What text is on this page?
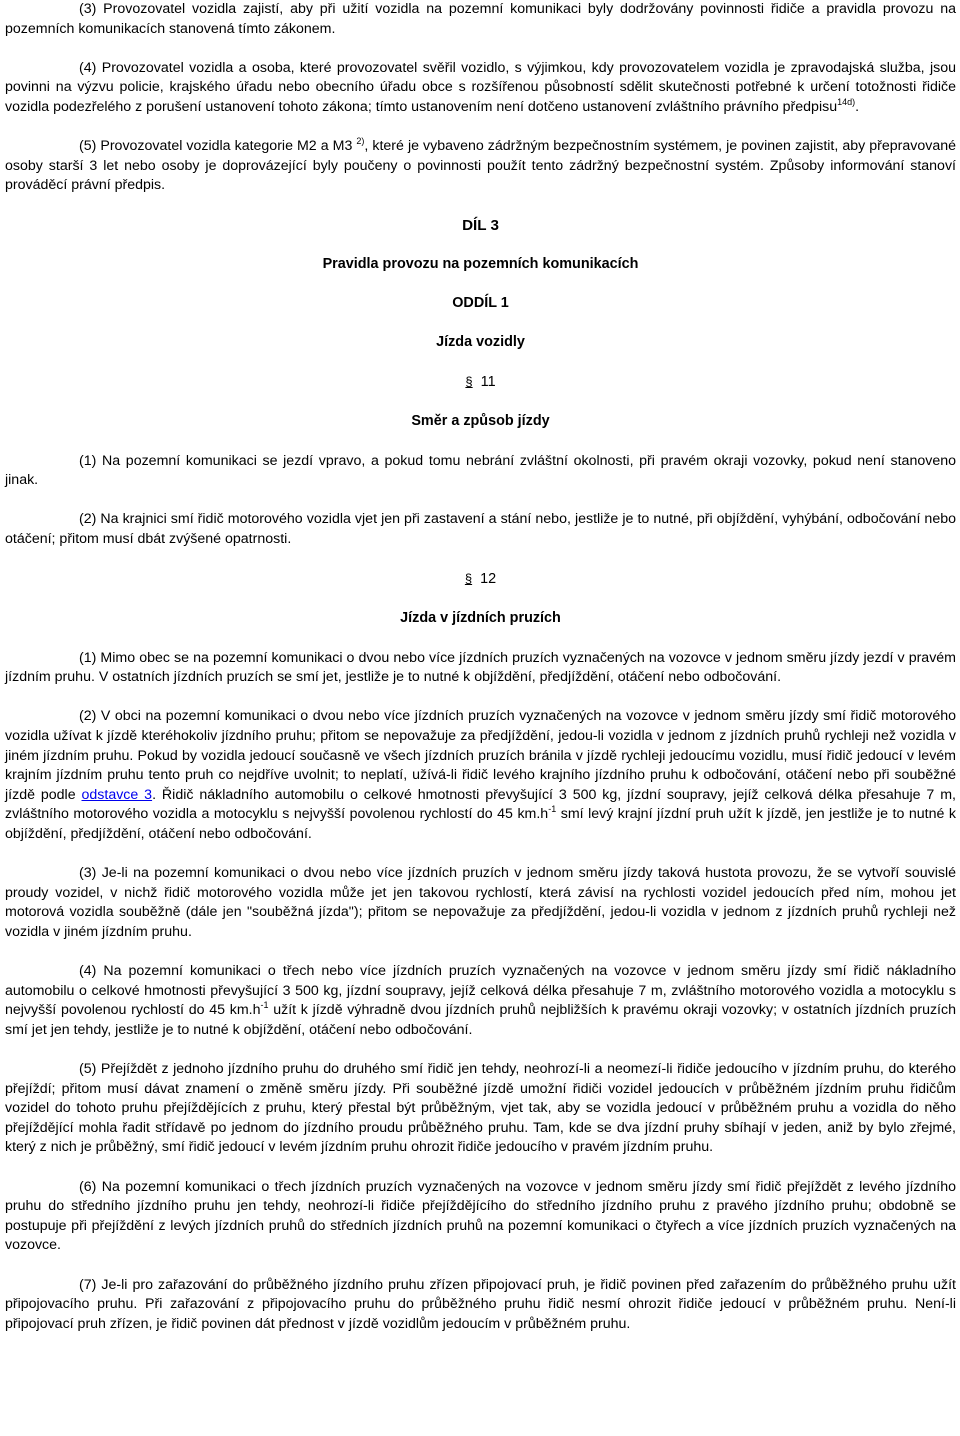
(3) Provozovatel vozidla zajistí, aby při užití vozidla na pozemní komunikaci byly dodržovány povinnosti řidiče a pravidla provozu na pozemních komunikacích stanovená tímto zákonem.

(4) Provozovatel vozidla a osoba, které provozovatel svěřil vozidlo, s výjimkou, kdy provozovatelem vozidla je zpravodajská služba, jsou povinni na výzvu policie, krajského úřadu nebo obecního úřadu obce s rozšířenou působností sdělit skutečnosti potřebné k určení totožnosti řidiče vozidla podezřelého z porušení ustanovení tohoto zákona; tímto ustanovením není dotčeno ustanovení zvláštního právního předpisu$^{14d)}$.

(5) Provozovatel vozidla kategorie M2 a M3 $^{2)}$, které je vybaveno zádržným bezpečnostním systémem, je povinen zajistit, aby přepravované osoby starší 3 let nebo osoby je doprovázející byly poučeny o povinnosti použít tento zádržný bezpečnostní systém. Způsoby informování stanoví prováděcí právní předpis.

DÍL 3

Pravidla provozu na pozemních komunikacích

ODDÍL 1

Jízda vozidly

§ 11

Směr a způsob jízdy

(1) Na pozemní komunikaci se jezdí vpravo, a pokud tomu nebrání zvláštní okolnosti, při pravém okraji vozovky, pokud není stanoveno jinak.

(2) Na krajnici smí řidič motorového vozidla vjet jen při zastavení a stání nebo, jestliže je to nutné, při objíždění, vyhýbání, odbočování nebo otáčení; přitom musí dbát zvýšené opatrnosti.

§ 12

Jízda v jízdních pruzích

(1) Mimo obec se na pozemní komunikaci o dvou nebo více jízdních pruzích vyznačených na vozovce v jednom směru jízdy jezdí v pravém jízdním pruhu. V ostatních jízdních pruzích se smí jet, jestliže je to nutné k objíždění, předjíždění, otáčení nebo odbočování.

(2) V obci na pozemní komunikaci o dvou nebo více jízdních pruzích vyznačených na vozovce v jednom směru jízdy smí řidič motorového vozidla užívat k jízdě kteréhokoliv jízdního pruhu; přitom se nepovažuje za předjíždění, jedou-li vozidla v jednom z jízdních pruhů rychleji než vozidla v jiném jízdním pruhu. Pokud by vozidla jedoucí současně ve všech jízdních pruzích bránila v jízdě rychleji jedoucímu vozidlu, musí řidič jedoucí v levém krajním jízdním pruhu tento pruh co nejdříve uvolnit; to neplatí, užívá-li řidič levého krajního jízdního pruhu k odbočování, otáčení nebo při souběžné jízdě podle odstavce 3. Řidič nákladního automobilu o celkové hmotnosti převyšující 3 500 kg, jízdní soupravy, jejíž celková délka přesahuje 7 m, zvláštního motorového vozidla a motocyklu s nejvyšší povolenou rychlostí do 45 $km.h^{-1}$ smí levý krajní jízdní pruh užít k jízdě, jen jestliže je to nutné k objíždění, předjíždění, otáčení nebo odbočování.

(3) Je-li na pozemní komunikaci o dvou nebo více jízdních pruzích v jednom směru jízdy taková hustota provozu, že se vytvoří souvislé proudy vozidel, v nichž řidič motorového vozidla může jet jen takovou rychlostí, která závisí na rychlosti vozidel jedoucích před ním, mohou jet motorová vozidla souběžně (dále jen "souběžná jízda"); přitom se nepovažuje za předjíždění, jedou-li vozidla v jednom z jízdních pruhů rychleji než vozidla v jiném jízdním pruhu.

(4) Na pozemní komunikaci o třech nebo více jízdních pruzích vyznačených na vozovce v jednom směru jízdy smí řidič nákladního automobilu o celkové hmotnosti převyšující 3 500 kg, jízdní soupravy, jejíž celková délka přesahuje 7 m, zvláštního motorového vozidla a motocyklu s nejvyšší povolenou rychlostí do 45 $km.h^{-1}$ užít k jízdě výhradně dvou jízdních pruhů nejbližších k pravému okraji vozovky; v ostatních jízdních pruzích smí jet jen tehdy, jestliže je to nutné k objíždění, otáčení nebo odbočování.

(5) Přejíždět z jednoho jízdního pruhu do druhého smí řidič jen tehdy, neohrozí-li a neomezí-li řidiče jedoucího v jízdním pruhu, do kterého přejíždí; přitom musí dávat znamení o změně směru jízdy. Při souběžné jízdě umožní řidiči vozidel jedoucích v průběžném jízdním pruhu řidičům vozidel do tohoto pruhu přejíždějících z pruhu, který přestal být průběžným, vjet tak, aby se vozidla jedoucí v průběžném pruhu a vozidla do něho přejíždějící mohla řadit střídavě po jednom do jízdního proudu průběžného pruhu. Tam, kde se dva jízdní pruhy sbíhají v jeden, aniž by bylo zřejmé, který z nich je průběžný, smí řidič jedoucí v levém jízdním pruhu ohrozit řidiče jedoucího v pravém jízdním pruhu.

(6) Na pozemní komunikaci o třech jízdních pruzích vyznačených na vozovce v jednom směru jízdy smí řidič přejíždět z levého jízdního pruhu do středního jízdního pruhu jen tehdy, neohrozí-li řidiče přejíždějícího do středního jízdního pruhu z pravého jízdního pruhu; obdobně se postupuje při přejíždění z levých jízdních pruhů do středních jízdních pruhů na pozemní komunikaci o čtyřech a více jízdních pruzích vyznačených na vozovce.

(7) Je-li pro zařazování do průběžného jízdního pruhu zřízen připojovací pruh, je řidič povinen před zařazením do průběžného pruhu užít připojovacího pruhu. Při zařazování z připojovacího pruhu do průběžného pruhu řidič nesmí ohrozit řidiče jedoucí v průběžném pruhu. Není-li připojovací pruh zřízen, je řidič povinen dát přednost v jízdě vozidlům jedoucím v průběžném pruhu.
